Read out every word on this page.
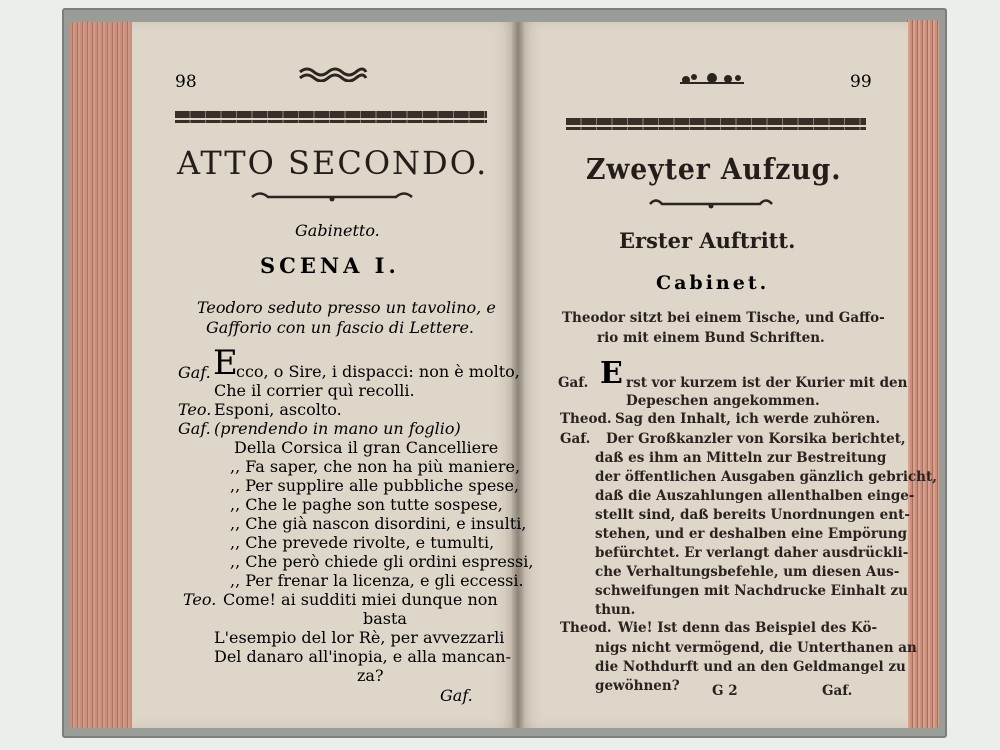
98
ATTO SECONDO.
Gabinetto.
SCENA I.
Teodoro seduto presso un tavolino, e
Gafforio con un fascio di Lettere.
Gaf. E
cco, o Sire, i dispacci: non è molto,
Che il corrier quì recolli.
Teo. Esponi, ascolto.
Gaf. (prendendo in mano un foglio)
Della Corsica il gran Cancelliere
,, Fa saper, che non ha più maniere,
,, Per supplire alle pubbliche spese,
,, Che le paghe son tutte sospese,
,, Che già nascon disordini, e insulti,
,, Che prevede rivolte, e tumulti,
,, Che però chiede gli ordini espressi,
,, Per frenar la licenza, e gli eccessi.
Teo. Come! ai sudditi miei dunque non
basta
L'esempio del lor Rè, per avvezzarli
Del danaro all'inopia, e alla mancan-
za?
Gaf.
99
Zweyter Aufzug.
Erster Auftritt.
Cabinet.
Theodor sitzt bei einem Tische, und Gaffo-
rio mit einem Bund Schriften.
Gaf. E rst vor kurzem ist der Kurier mit den
Depeschen angekommen.
Theod. Sag den Inhalt, ich werde zuhören.
Gaf. Der Großkanzler von Korsika berichtet,
daß es ihm an Mitteln zur Bestreitung
der öffentlichen Ausgaben gänzlich gebricht,
daß die Auszahlungen allenthalben einge-
stellt sind, daß bereits Unordnungen ent-
stehen, und er deshalben eine Empörung
befürchtet. Er verlangt daher ausdrückli-
che Verhaltungsbefehle, um diesen Aus-
schweifungen mit Nachdrucke Einhalt zu
thun.
Theod. Wie! Ist denn das Beispiel des Kö-
nigs nicht vermögend, die Unterthanen an
die Nothdurft und an den Geldmangel zu
gewöhnen? G 2	Gaf.
